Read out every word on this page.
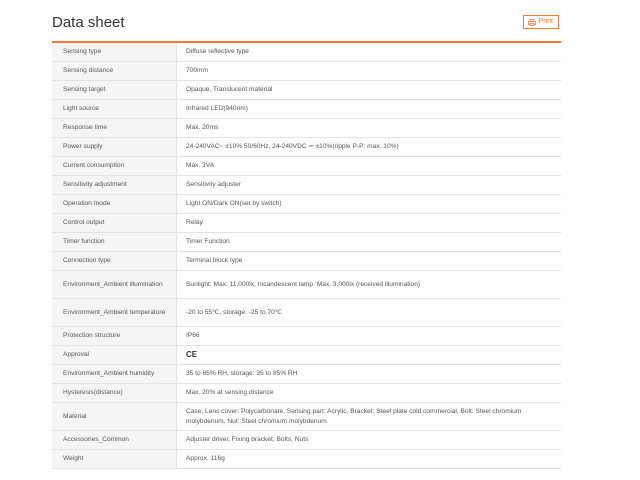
Data sheet	Print
Sensing type	Diffuse reflective type
Sensing distance	700mm
Sensing target	Opaque, Translucent material
Light source	Infrared LED(940nm)
Response time	Max. 20ms
Power supply	24-240VAC~ ±10% 50/60Hz, 24-240VDC ⎓ ±10%(ripple P-P: max. 10%)
Current consumption	Max. 3VA
Sensitivity adjustment	Sensitivity adjuster
Operation mode	Light ON/Dark ON(set by switch)
Control output	Relay
Timer function	Timer Function
Connection type	Terminal block type
Environment_Ambient illumination	Sunlight: Max. 11,000lx, Incandescent lamp: Max. 3,000lx (received illumination)
Environment_Ambient temperature	-20 to 55℃, storage: -25 to 70℃
Protection structure	IP66
Approval	CE
Environment_Ambient humidity	35 to 85% RH, storage: 35 to 85% RH
Hysteresis(distance)	Max. 20% at sensing distance
Material	Case, Lens cover: Polycarbonate, Sensing part: Acrylic, Bracket: Steel plate cold commercial, Bolt: Steel chromium molybdenum, Nut: Steel chromium molybdenum
Accessories_Common	Adjuster driver, Fixing bracket, Bolts, Nuts
Weight	Approx. 116g
